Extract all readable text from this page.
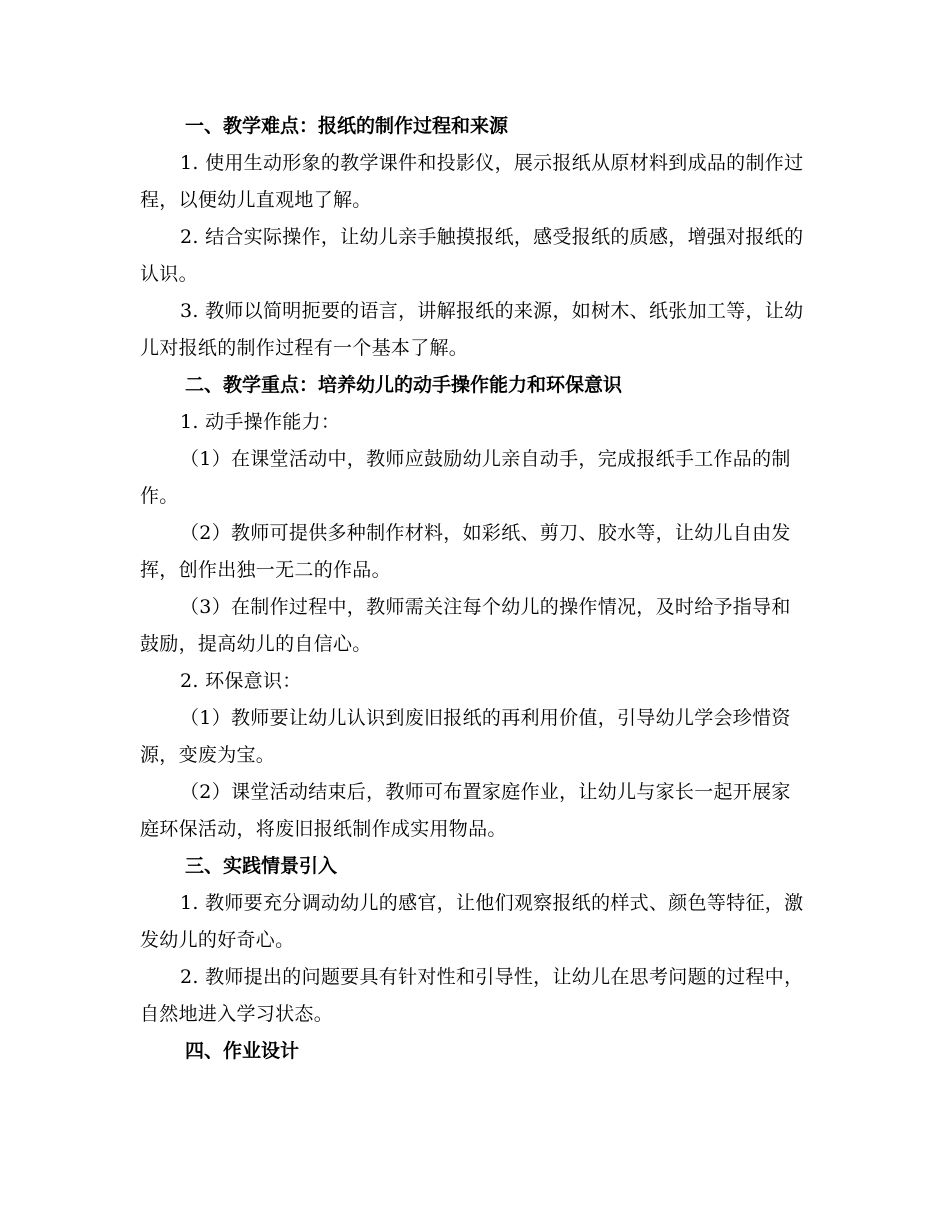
一、教学难点：报纸的制作过程和来源
1. 使用生动形象的教学课件和投影仪，展示报纸从原材料到成品的制作过程，以便幼儿直观地了解。
2. 结合实际操作，让幼儿亲手触摸报纸，感受报纸的质感，增强对报纸的认识。
3. 教师以简明扼要的语言，讲解报纸的来源，如树木、纸张加工等，让幼儿对报纸的制作过程有一个基本了解。
二、教学重点：培养幼儿的动手操作能力和环保意识
1. 动手操作能力：
（1）在课堂活动中，教师应鼓励幼儿亲自动手，完成报纸手工作品的制作。
（2）教师可提供多种制作材料，如彩纸、剪刀、胶水等，让幼儿自由发挥，创作出独一无二的作品。
（3）在制作过程中，教师需关注每个幼儿的操作情况，及时给予指导和鼓励，提高幼儿的自信心。
2. 环保意识：
（1）教师要让幼儿认识到废旧报纸的再利用价值，引导幼儿学会珍惜资源，变废为宝。
（2）课堂活动结束后，教师可布置家庭作业，让幼儿与家长一起开展家庭环保活动，将废旧报纸制作成实用物品。
三、实践情景引入
1. 教师要充分调动幼儿的感官，让他们观察报纸的样式、颜色等特征，激发幼儿的好奇心。
2. 教师提出的问题要具有针对性和引导性，让幼儿在思考问题的过程中，自然地进入学习状态。
四、作业设计
